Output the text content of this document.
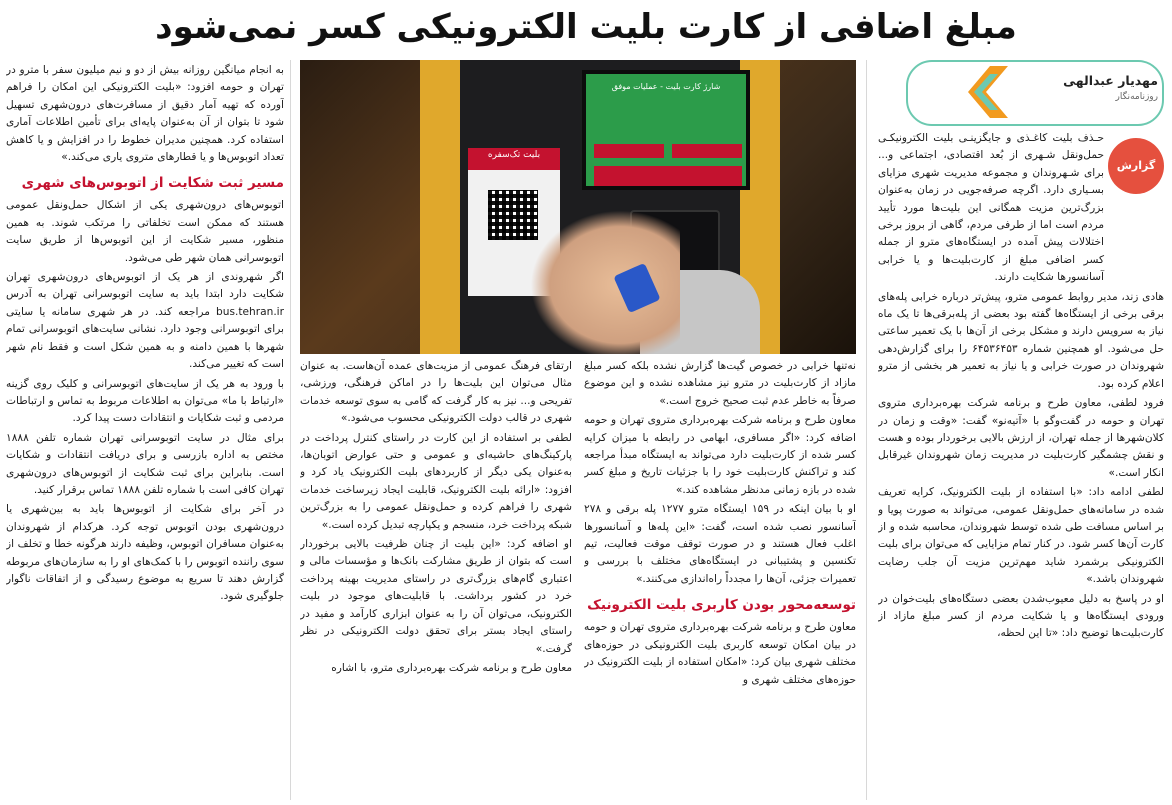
مبلغ اضافی از کارت بلیت الکترونیکی کسر نمی‌شود
مهدیار عبدالهی
روزنامه‌نگار
گزارش
شارژ کارت بلیت - عملیات موفق
بلیت تک‌سفره

حـذف بلیت کاغـذی و جایگزینـی بلیت الکترونیکـی حمل‌ونقل شـهری از بُعد اقتصادی، اجتماعی و... برای شـهروندان و مجموعه مدیریت شهری مزایای بسـیاری دارد. اگرچه صرفه‌جویی در زمان به‌عنوان بزرگ‌ترین مزیت همگانی این بلیت‌ها مورد تأیید مردم است اما از طرفی مردم، گاهی از بروز برخی اختلالات پیش آمده در ایستگاه‌های مترو از جمله کسر اضافی مبلغ از کارت‌بلیت‌ها و یا خرابی آسانسورها شکایت دارند.

هادی زند، مدیر روابط عمومی مترو، پیش‌تر درباره خرابی پله‌های برقی برخی از ایستگاه‌ها گفته بود بعضی از پله‌برقی‌ها تا یک ماه نیاز به سرویس دارند و مشکل برخی از آن‌ها با یک تعمیر ساعتی حل می‌شود. او همچنین شماره ۶۴۵۳۶۴۵۳ را برای گزارش‌دهی شهروندان در صورت خرابی و یا نیاز به تعمیر هر بخشی از مترو اعلام کرده بود.

فرود لطفی، معاون طرح و برنامه شرکت بهره‌برداری متروی تهران و حومه در گفت‌وگو با «آتیه‌نو» گفت: «وقت و زمان در کلان‌شهرها از جمله تهران، از ارزش بالایی برخوردار بوده و هست و نقش چشمگیر کارت‌بلیت در مدیریت زمان شهروندان غیرقابل انکار است.»

لطفی ادامه داد: «با استفاده از بلیت الکترونیک، کرایه تعریف شده در سامانه‌های حمل‌ونقل عمومی، می‌تواند به صورت پویا و بر اساس مسافت طی شده توسط شهروندان، محاسبه شده و از کارت آن‌ها کسر شود. در کنار تمام مزایایی که می‌توان برای بلیت الکترونیکی برشمرد شاید مهم‌ترین مزیت آن جلب رضایت شهروندان باشد.»

او در پاسخ به دلیل معیوب‌شدن بعضی دستگاه‌های بلیت‌خوان در ورودی ایستگاه‌ها و یا شکایت مردم از کسر مبلغ مازاد از کارت‌بلیت‌ها توضیح داد: «تا این لحظه،

نه‌تنها خرابی در خصوص گیت‌ها گزارش نشده بلکه کسر مبلغ مازاد از کارت‌بلیت در مترو نیز مشاهده نشده و این موضوع صرفاً به خاطر عدم ثبت صحیح خروج است.»

معاون طرح و برنامه شرکت بهره‌برداری متروی تهران و حومه اضافه کرد: «اگر مسافری، ابهامی در رابطه با میزان کرایه کسر شده از کارت‌بلیت دارد می‌تواند به ایستگاه مبدأ مراجعه کند و تراکنش کارت‌بلیت خود را با جزئیات تاریخ و مبلغ کسر شده در بازه زمانی مدنظر مشاهده کند.»

او با بیان اینکه در ۱۵۹ ایستگاه مترو ۱۲۷۷ پله برقی و ۲۷۸ آسانسور نصب شده است، گفت: «این پله‌ها و آسانسورها اغلب فعال هستند و در صورت توقف موقت فعالیت، تیم تکنسین و پشتیبانی در ایستگاه‌های مختلف با بررسی و تعمیرات جزئی، آن‌ها را مجدداً راه‌اندازی می‌کنند.»

توسعه‌محور بودن کاربری بلیت الکترونیک

معاون طرح و برنامه شرکت بهره‌برداری متروی تهران و حومه در بیان امکان توسعه کاربری بلیت الکترونیکی در حوزه‌های مختلف شهری بیان کرد: «امکان استفاده از بلیت الکترونیک در حوزه‌های مختلف شهری و

ارتقای فرهنگ عمومی از مزیت‌های عمده آن‌هاست. به عنوان مثال می‌توان این بلیت‌ها را در اماکن فرهنگی، ورزشی، تفریحی و... نیز به کار گرفت که گامی به سوی توسعه خدمات شهری در قالب دولت الکترونیکی محسوب می‌شود.»

لطفی بر استفاده از این کارت در راستای کنترل پرداخت در پارکینگ‌های حاشیه‌ای و عمومی و حتی عوارض اتوبان‌ها، به‌عنوان یکی دیگر از کاربرد‌های بلیت الکترونیک یاد کرد و افزود: «ارائه بلیت الکترونیک، قابلیت ایجاد زیرساخت خدمات شهری را فراهم کرده و حمل‌ونقل عمومی را به بزرگ‌ترین شبکه پرداخت خرد، منسجم و یکپارچه تبدیل کرده است.»

او اضافه کرد: «این بلیت از چنان ظرفیت بالایی برخوردار است که بتوان از طریق مشارکت بانک‌ها و مؤسسات مالی و اعتباری گام‌های بزرگ‌تری در راستای مدیریت بهینه پرداخت خرد در کشور برداشت. با قابلیت‌های موجود در بلیت الکترونیک، می‌توان آن را به عنوان ابزاری کارآمد و مفید در راستای ایجاد بستر برای تحقق دولت الکترونیکی در نظر گرفت.»

معاون طرح و برنامه شرکت بهره‌برداری مترو، با اشاره

به انجام میانگین روزانه بیش از دو و نیم میلیون سفر با مترو در تهران و حومه افزود: «بلیت الکترونیکی این امکان را فراهم آورده که تهیه آمار دقیق از مسافرت‌های درون‌شهری تسهیل شود تا بتوان از آن به‌عنوان پایه‌ای برای تأمین اطلاعات آماری استفاده کرد. همچنین مدیران خطوط را در افزایش و یا کاهش تعداد اتوبوس‌ها و یا قطارهای متروی یاری می‌کند.»

مسیر ثبت شکایت از اتوبوس‌های شهری

اتوبوس‌های درون‌شهری یکی از اشکال حمل‌ونقل عمومی هستند که ممکن است تخلفاتی را مرتکب شوند. به همین منظور، مسیر شکایت از این اتوبوس‌ها از طریق سایت اتوبوسرانی همان شهر طی می‌شود.

اگر شهروندی از هر یک از اتوبوس‌های درون‌شهری تهران شکایت دارد ابتدا باید به سایت اتوبوسرانی تهران به آدرس bus.tehran.ir مراجعه کند. در هر شهری سامانه یا سایتی برای اتوبوسرانی وجود دارد. نشانی سایت‌های اتوبوسرانی تمام شهرها با همین دامنه و به همین شکل است و فقط نام شهر است که تغییر می‌کند.

با ورود به هر یک از سایت‌های اتوبوسرانی و کلیک روی گزینه «ارتباط با ما» می‌توان به اطلاعات مربوط به تماس و ارتباطات مردمی و ثبت شکایات و انتقادات دست پیدا کرد.

برای مثال در سایت اتوبوسرانی تهران شماره تلفن ۱۸۸۸ مختص به اداره بازرسی و برای دریافت انتقادات و شکایات است. بنابراین برای ثبت شکایت از اتوبوس‌های درون‌شهری تهران کافی است با شماره تلفن ۱۸۸۸ تماس برقرار کنید.

در آخر برای شکایت از اتوبوس‌ها باید به بین‌شهری یا درون‌شهری بودن اتوبوس توجه کرد. هرکدام از شهروندان به‌عنوان مسافران اتوبوس، وظیفه دارند هرگونه خطا و تخلف از سوی راننده اتوبوس را با کمک‌های او را به سازمان‌های مربوطه گزارش دهند تا سریع به موضوع رسیدگی و از اتفاقات ناگوار جلوگیری شود.
